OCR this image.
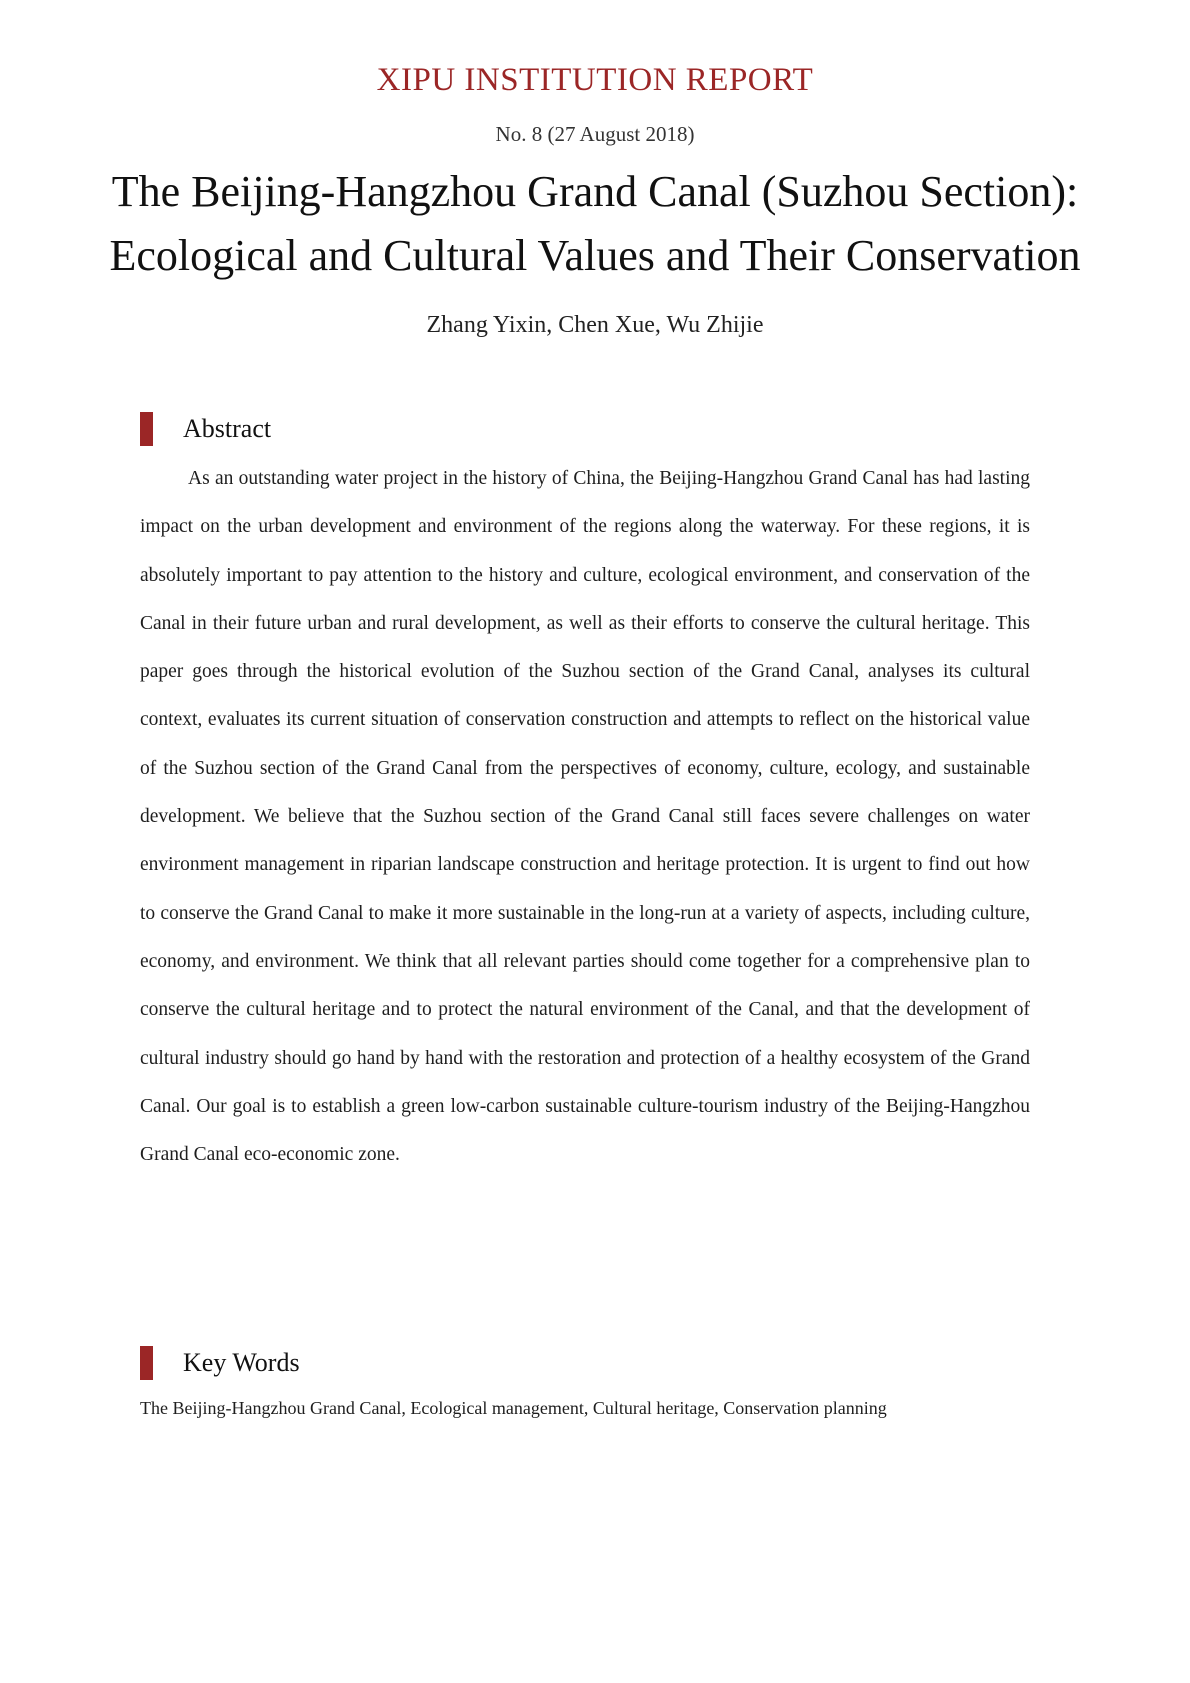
XIPU INSTITUTION REPORT
No. 8 (27 August 2018)
The Beijing-Hangzhou Grand Canal (Suzhou Section): Ecological and Cultural Values and Their Conservation
Zhang Yixin, Chen Xue, Wu Zhijie
Abstract
As an outstanding water project in the history of China, the Beijing-Hangzhou Grand Canal has had lasting impact on the urban development and environment of the regions along the waterway. For these regions, it is absolutely important to pay attention to the history and culture, ecological environment, and conservation of the Canal in their future urban and rural development, as well as their efforts to conserve the cultural heritage. This paper goes through the historical evolution of the Suzhou section of the Grand Canal, analyses its cultural context, evaluates its current situation of conservation construction and attempts to reflect on the historical value of the Suzhou section of the Grand Canal from the perspectives of economy, culture, ecology, and sustainable development. We believe that the Suzhou section of the Grand Canal still faces severe challenges on water environment management in riparian landscape construction and heritage protection. It is urgent to find out how to conserve the Grand Canal to make it more sustainable in the long-run at a variety of aspects, including culture, economy, and environment. We think that all relevant parties should come together for a comprehensive plan to conserve the cultural heritage and to protect the natural environment of the Canal, and that the development of cultural industry should go hand by hand with the restoration and protection of a healthy ecosystem of the Grand Canal. Our goal is to establish a green low-carbon sustainable culture-tourism industry of the Beijing-Hangzhou Grand Canal eco-economic zone.
Key Words
The Beijing-Hangzhou Grand Canal, Ecological management, Cultural heritage, Conservation planning
